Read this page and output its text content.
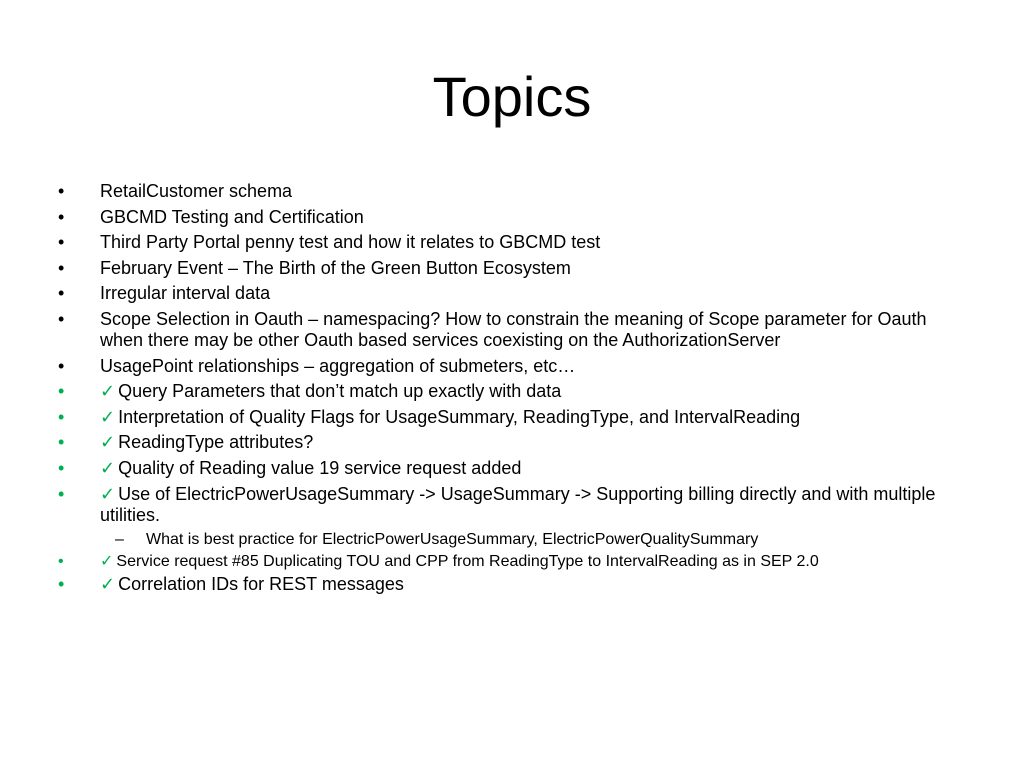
Topics
•	RetailCustomer schema
•	GBCMD Testing and Certification
•	Third Party Portal penny test and how it relates to GBCMD test
•	February Event – The Birth of the Green Button Ecosystem
•	Irregular interval data
•	Scope Selection in Oauth – namespacing? How to constrain the meaning of Scope parameter for Oauth when there may be other Oauth based services coexisting on the AuthorizationServer
•	UsagePoint relationships – aggregation of submeters, etc…
•	✓ Query Parameters that don’t match up exactly with data
•	✓ Interpretation of Quality Flags for UsageSummary, ReadingType, and IntervalReading
•	✓ ReadingType attributes?
•	✓ Quality of Reading value 19 service request added
•	✓ Use of ElectricPowerUsageSummary -> UsageSummary -> Supporting billing directly and with multiple utilities.
– What is best practice for ElectricPowerUsageSummary, ElectricPowerQualitySummary
•	✓ Service request #85 Duplicating TOU and CPP from ReadingType to IntervalReading as in SEP 2.0
•	✓ Correlation IDs for REST messages
